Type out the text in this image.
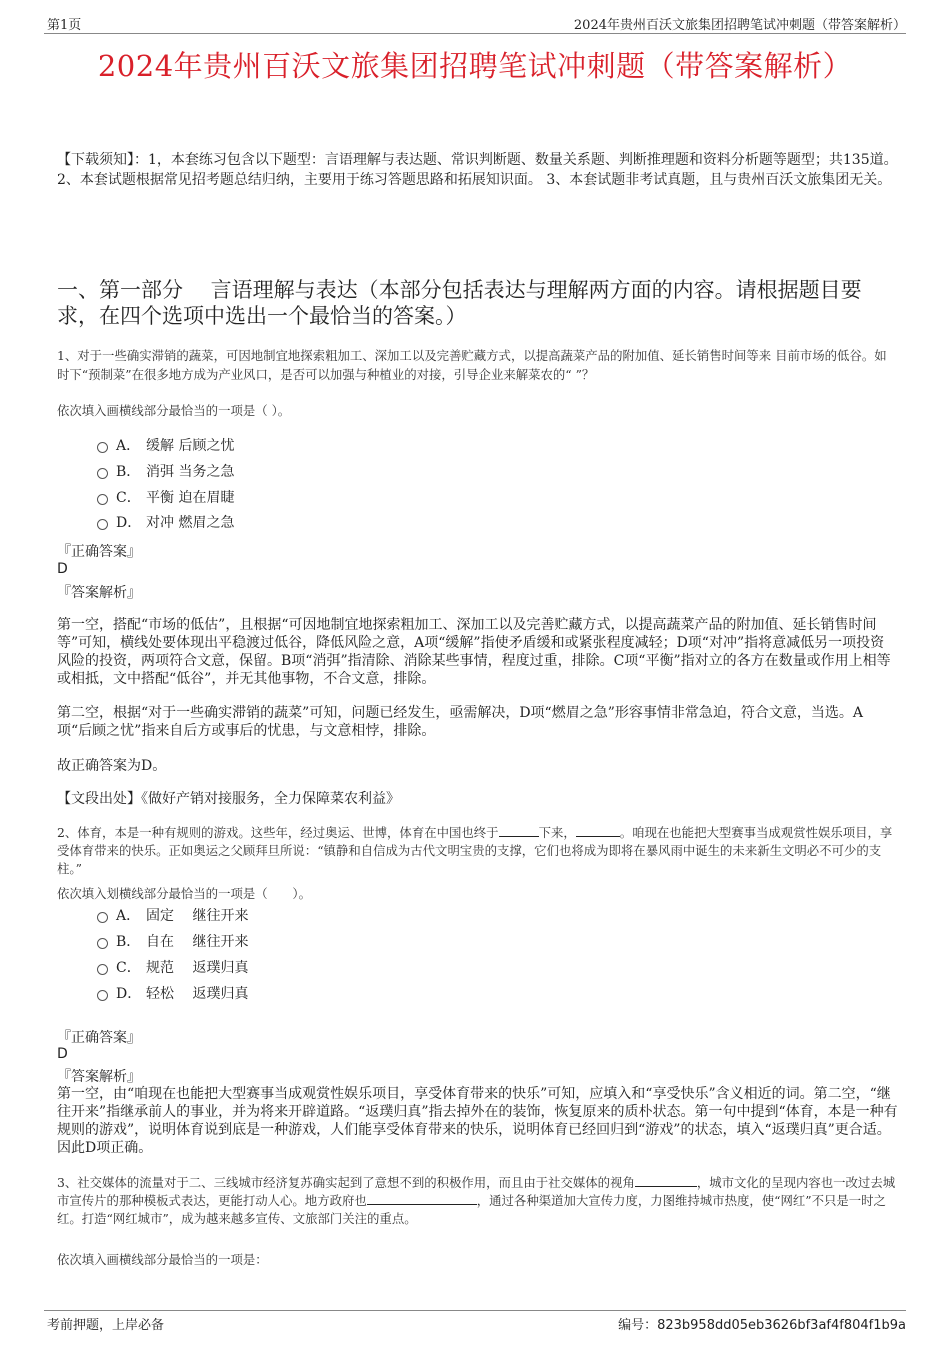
第1页	2024年贵州百沃文旅集团招聘笔试冲刺题（带答案解析）
2024年贵州百沃文旅集团招聘笔试冲刺题（带答案解析）
【下载须知】：1，本套练习包含以下题型：言语理解与表达题、常识判断题、数量关系题、判断推理题和资料分析题等题型；共135道。 2、本套试题根据常见招考题总结归纳，主要用于练习答题思路和拓展知识面。 3、本套试题非考试真题，且与贵州百沃文旅集团无关。
一、第一部分　 言语理解与表达（本部分包括表达与理解两方面的内容。请根据题目要求，在四个选项中选出一个最恰当的答案。）
1、对于一些确实滞销的蔬菜，可因地制宜地探索粗加工、深加工以及完善贮藏方式，以提高蔬菜产品的附加值、延长销售时间等来 目前市场的低谷。如时下“预制菜”在很多地方成为产业风口，是否可以加强与种植业的对接，引导企业来解菜农的“ ”？
依次填入画横线部分最恰当的一项是（ ）。
A． 缓解 后顾之忧
B． 消弭 当务之急
C． 平衡 迫在眉睫
D． 对冲 燃眉之急
『正确答案』
D
『答案解析』
第一空，搭配“市场的低估”，且根据“可因地制宜地探索粗加工、深加工以及完善贮藏方式，以提高蔬菜产品的附加值、延长销售时间等”可知，横线处要体现出平稳渡过低谷，降低风险之意，A项“缓解”指使矛盾缓和或紧张程度减轻；D项“对冲”指将意减低另一项投资风险的投资，两项符合文意，保留。B项“消弭”指清除、消除某些事情，程度过重，排除。C项“平衡”指对立的各方在数量或作用上相等或相抵，文中搭配“低谷”，并无其他事物，不合文意，排除。
第二空，根据“对于一些确实滞销的蔬菜”可知，问题已经发生，亟需解决，D项“燃眉之急”形容事情非常急迫，符合文意，当选。A项“后顾之忧”指来自后方或事后的忧患，与文意相悖，排除。
故正确答案为D。
【文段出处】《做好产销对接服务，全力保障菜农利益》
2、体育，本是一种有规则的游戏。这些年，经过奥运、世博，体育在中国也终于	下来，	。咱现在也能把大型赛事当成观赏性娱乐项目，享受体育带来的快乐。正如奥运之父顾拜旦所说：“镇静和自信成为古代文明宝贵的支撑，它们也将成为即将在暴风雨中诞生的未来新生文明必不可少的支柱。”
依次填入划横线部分最恰当的一项是（　　）。
A． 固定　 继往开来
B． 自在　 继往开来
C． 规范　 返璞归真
D． 轻松　 返璞归真
『正确答案』
D
『答案解析』
第一空，由“咱现在也能把大型赛事当成观赏性娱乐项目，享受体育带来的快乐”可知，应填入和“享受快乐”含义相近的词。第二空，“继往开来”指继承前人的事业，并为将来开辟道路。“返璞归真”指去掉外在的装饰，恢复原来的质朴状态。第一句中提到“体育，本是一种有规则的游戏”，说明体育说到底是一种游戏，人们能享受体育带来的快乐，说明体育已经回归到“游戏”的状态，填入“返璞归真”更合适。因此D项正确。
3、社交媒体的流量对于二、三线城市经济复苏确实起到了意想不到的积极作用，而且由于社交媒体的视角	，城市文化的呈现内容也一改过去城市宣传片的那种模板式表达，更能打动人心。地方政府也	，通过各种渠道加大宣传力度，力图维持城市热度，使“网红”不只是一时之红。打造“网红城市”，成为越来越多宣传、文旅部门关注的重点。
依次填入画横线部分最恰当的一项是：
考前押题，上岸必备	编号：823b958dd05eb3626bf3af4f804f1b9a
